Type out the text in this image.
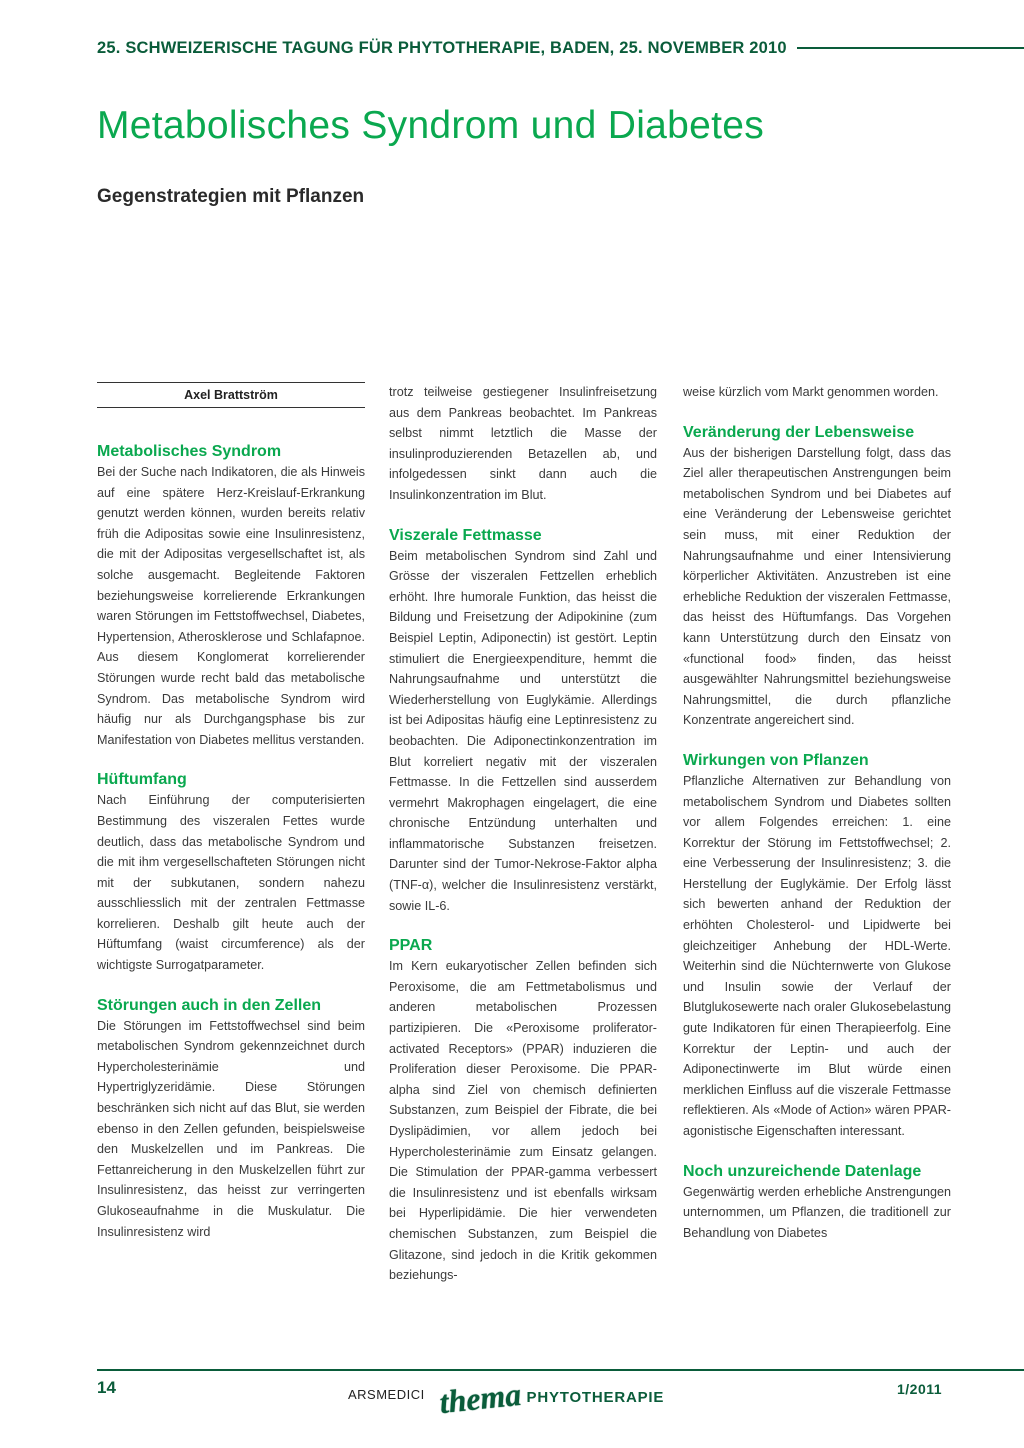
25. SCHWEIZERISCHE TAGUNG FÜR PHYTOTHERAPIE, BADEN, 25. NOVEMBER 2010
Metabolisches Syndrom und Diabetes
Gegenstrategien mit Pflanzen
Axel Brattström
Metabolisches Syndrom

Bei der Suche nach Indikatoren, die als Hinweis auf eine spätere Herz-Kreislauf-Erkrankung genutzt werden können, wurden bereits relativ früh die Adipositas sowie eine Insulinresistenz, die mit der Adipositas vergesellschaftet ist, als solche ausgemacht. Begleitende Faktoren beziehungsweise korrelierende Erkrankungen waren Störungen im Fettstoffwechsel, Diabetes, Hypertension, Atherosklerose und Schlafapnoe. Aus diesem Konglomerat korrelierender Störungen wurde recht bald das metabolische Syndrom. Das metabolische Syndrom wird häufig nur als Durchgangsphase bis zur Manifestation von Diabetes mellitus verstanden.

Hüftumfang

Nach Einführung der computerisierten Bestimmung des viszeralen Fettes wurde deutlich, dass das metabolische Syndrom und die mit ihm vergesellschafteten Störungen nicht mit der subkutanen, sondern nahezu ausschliesslich mit der zentralen Fettmasse korrelieren. Deshalb gilt heute auch der Hüftumfang (waist circumference) als der wichtigste Surrogatparameter.

Störungen auch in den Zellen

Die Störungen im Fettstoffwechsel sind beim metabolischen Syndrom gekennzeichnet durch Hypercholesterinämie und Hypertriglyzeridämie. Diese Störungen beschränken sich nicht auf das Blut, sie werden ebenso in den Zellen gefunden, beispielsweise den Muskelzellen und im Pankreas. Die Fettanreicherung in den Muskelzellen führt zur Insulinresistenz, das heisst zur verringerten Glukoseaufnahme in die Muskulatur. Die Insulinresistenz wird

trotz teilweise gestiegener Insulinfreisetzung aus dem Pankreas beobachtet. Im Pankreas selbst nimmt letztlich die Masse der insulinproduzierenden Betazellen ab, und infolgedessen sinkt dann auch die Insulinkonzentration im Blut.

Viszerale Fettmasse

Beim metabolischen Syndrom sind Zahl und Grösse der viszeralen Fettzellen erheblich erhöht. Ihre humorale Funktion, das heisst die Bildung und Freisetzung der Adipokinine (zum Beispiel Leptin, Adiponectin) ist gestört. Leptin stimuliert die Energieexpenditure, hemmt die Nahrungsaufnahme und unterstützt die Wiederherstellung von Euglykämie. Allerdings ist bei Adipositas häufig eine Leptinresistenz zu beobachten. Die Adiponectinkonzentration im Blut korreliert negativ mit der viszeralen Fettmasse. In die Fettzellen sind ausserdem vermehrt Makrophagen eingelagert, die eine chronische Entzündung unterhalten und inflammatorische Substanzen freisetzen. Darunter sind der Tumor-Nekrose-Faktor alpha (TNF-α), welcher die Insulinresistenz verstärkt, sowie IL-6.

PPAR

Im Kern eukaryotischer Zellen befinden sich Peroxisome, die am Fettmetabolismus und anderen metabolischen Prozessen partizipieren. Die «Peroxisome proliferator-activated Receptors» (PPAR) induzieren die Proliferation dieser Peroxisome. Die PPAR-alpha sind Ziel von chemisch definierten Substanzen, zum Beispiel der Fibrate, die bei Dyslipädimien, vor allem jedoch bei Hypercholesterinämie zum Einsatz gelangen. Die Stimulation der PPAR-gamma verbessert die Insulinresistenz und ist ebenfalls wirksam bei Hyperlipidämie. Die hier verwendeten chemischen Substanzen, zum Beispiel die Glitazone, sind jedoch in die Kritik gekommen beziehungs-

weise kürzlich vom Markt genommen worden.

Veränderung der Lebensweise

Aus der bisherigen Darstellung folgt, dass das Ziel aller therapeutischen Anstrengungen beim metabolischen Syndrom und bei Diabetes auf eine Veränderung der Lebensweise gerichtet sein muss, mit einer Reduktion der Nahrungsaufnahme und einer Intensivierung körperlicher Aktivitäten. Anzustreben ist eine erhebliche Reduktion der viszeralen Fettmasse, das heisst des Hüftumfangs. Das Vorgehen kann Unterstützung durch den Einsatz von «functional food» finden, das heisst ausgewählter Nahrungsmittel beziehungsweise Nahrungsmittel, die durch pflanzliche Konzentrate angereichert sind.

Wirkungen von Pflanzen

Pflanzliche Alternativen zur Behandlung von metabolischem Syndrom und Diabetes sollten vor allem Folgendes erreichen: 1. eine Korrektur der Störung im Fettstoffwechsel; 2. eine Verbesserung der Insulinresistenz; 3. die Herstellung der Euglykämie. Der Erfolg lässt sich bewerten anhand der Reduktion der erhöhten Cholesterol- und Lipidwerte bei gleichzeitiger Anhebung der HDL-Werte. Weiterhin sind die Nüchternwerte von Glukose und Insulin sowie der Verlauf der Blutglukosewerte nach oraler Glukosebelastung gute Indikatoren für einen Therapieerfolg. Eine Korrektur der Leptin- und auch der Adiponectinwerte im Blut würde einen merklichen Einfluss auf die viszerale Fettmasse reflektieren. Als «Mode of Action» wären PPAR-agonistische Eigenschaften interessant.

Noch unzureichende Datenlage

Gegenwärtig werden erhebliche Anstrengungen unternommen, um Pflanzen, die traditionell zur Behandlung von Diabetes

14	ARSMEDICI thema PHYTOTHERAPIE	1/2011
